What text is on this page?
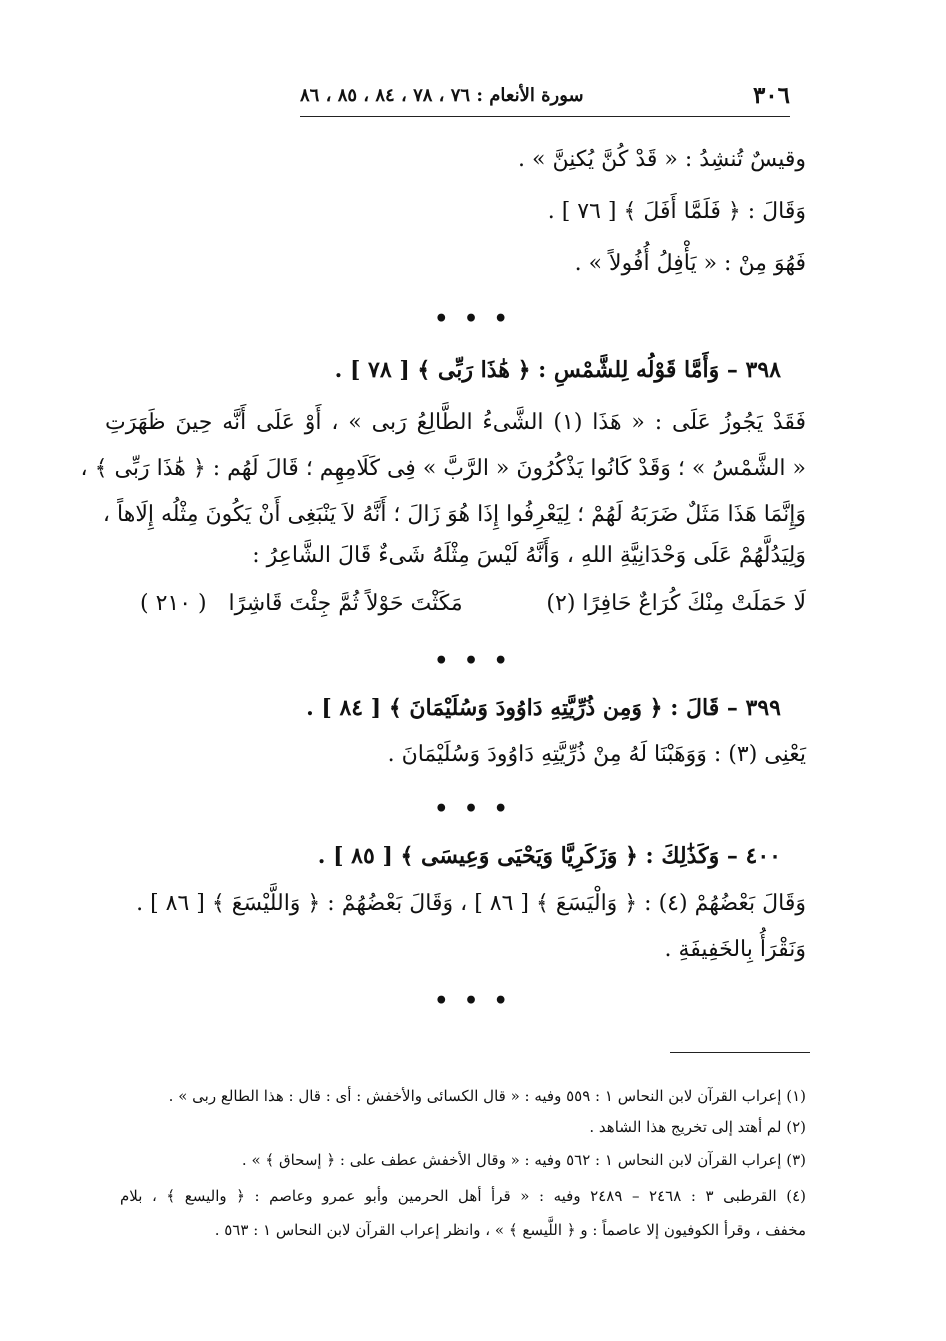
٣٠٦
سورة الأنعام : ٧٦ ، ٧٨ ، ٨٤ ، ٨٥ ، ٨٦
وقيسٌ تُنشِدُ : « قَدْ كُنَّ يُكنِنَّ » .
وَقَالَ : ﴿ فَلَمَّا أَفَلَ ﴾ [ ٧٦ ] .
فَهُوَ مِنْ : « يَأْفِلُ أُفُولاً » .
• • •
٣٩٨ – وَأَمَّا قَوْلُه لِلشَّمْسِ : ﴿ هَٰذَا رَبِّى ﴾ [ ٧٨ ] .
فَقَدْ يَجُوزُ عَلَى : « هَذَا (١) الشَّىءُ الطَّالِعُ رَبى » ، أَوْ عَلَى أَنَّه حِينَ ظَهَرَتِ
« الشَّمْسُ » ؛ وَقَدْ كَانُوا يَذْكُرُونَ « الرَّبَّ » فِى كَلَامِهِم ؛ قَالَ لَهُم : ﴿ هَٰذَا رَبِّى ﴾ ،
وَإِنَّمَا هَذَا مَثَلٌ ضَرَبَهُ لَهُمْ ؛ لِيَعْرِفُوا إِذَا هُوَ زَالَ ؛ أَنَّهُ لاَ يَنْبَغِى أَنْ يَكُونَ مِثْلُه إِلَاهاً ،
وَلِيَدُلَّهُمْ عَلَى وَحْدَانِيَّةِ اللهِ ، وَأَنَّهُ لَيْسَ مِثْلَهُ شَىءٌ قَالَ الشَّاعِرُ :
( ٢١٠ ) مَكَثْتَ حَوْلاً ثُمَّ جِئْتَ قَاشِرًا	لَا حَمَلَتْ مِنْكَ كُرَاعٌ حَافِرًا (٢)
• • •
٣٩٩ – قَالَ : ﴿ وَمِن ذُرِّيَّتِهِ دَاوُودَ وَسُلَيْمَانَ ﴾ [ ٨٤ ] .
يَعْنِى (٣) : وَوَهَبْنَا لَهُ مِنْ ذُرِّيَّتِهِ دَاوُودَ وَسُلَيْمَانَ .
• • •
٤٠٠ – وَكَذَٰلِكَ : ﴿ وَزَكَرِيَّا وَيَحْيَى وَعِيسَى ﴾ [ ٨٥ ] .
وَقَالَ بَعْضُهُمْ (٤) : ﴿ وَالْيَسَعَ ﴾ [ ٨٦ ] ، وَقَالَ بَعْضُهُمْ : ﴿ وَاللَّيْسَعَ ﴾ [ ٨٦ ] .
وَنَقْرَأُ بِالخَفِيفَةِ .
• • •
(١) إعراب القرآن لابن النحاس ١ : ٥٥٩ وفيه : « قال الكسائى والأخفش : أى : قال : هذا الطالع ربى » .
(٢) لم أهتد إلى تخريج هذا الشاهد .
(٣) إعراب القرآن لابن النحاس ١ : ٥٦٢ وفيه : « وقال الأخفش عطف على : ﴿ إسحاق ﴾ » .
(٤) القرطبى ٣ : ٢٤٦٨ – ٢٤٨٩ وفيه : « قرأ أهل الحرمين وأبو عمرو وعاصم : ﴿ واليسع ﴾ ، بلام
مخفف ، وقرأ الكوفيون إلا عاصماً : و ﴿ اللَّيسع ﴾ » ، وانظر إعراب القرآن لابن النحاس ١ : ٥٦٣ .
